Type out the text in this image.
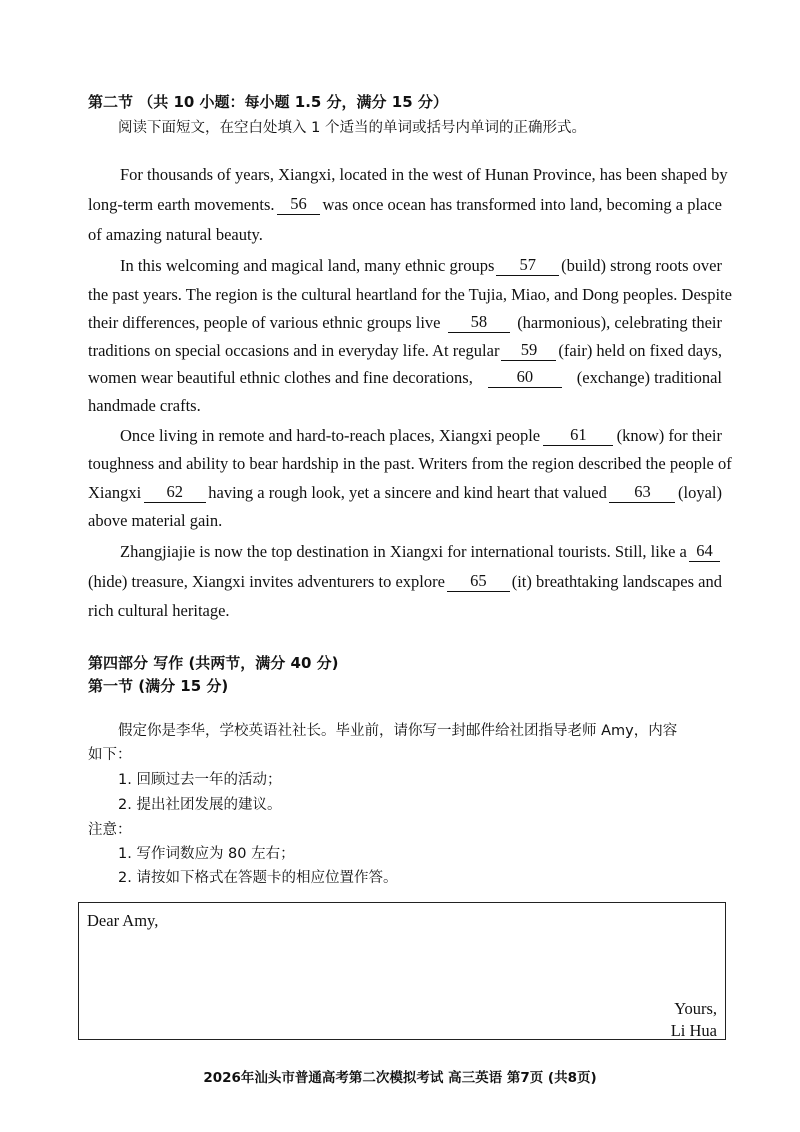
第二节 （共 10 小题：每小题 1.5 分，满分 15 分）
阅读下面短文，在空白处填入 1 个适当的单词或括号内单词的正确形式。
For thousands of years, Xiangxi, located in the west of Hunan Province, has been shaped by
long-term earth movements. 56 was once ocean has transformed into land, becoming a place
of amazing natural beauty.
In this welcoming and magical land, many ethnic groups	57	(build) strong roots over
the past years. The region is the cultural heartland for the Tujia, Miao, and Dong peoples. Despite
their differences, people of various ethnic groups live	58	(harmonious), celebrating their
traditions on special occasions and in everyday life. At regular	59	(fair) held on fixed days,
women wear beautiful ethnic clothes and fine decorations,	60	(exchange) traditional
handmade crafts.
Once living in remote and hard-to-reach places, Xiangxi people	61	(know) for their
toughness and ability to bear hardship in the past. Writers from the region described the people of
Xiangxi	62	having a rough look, yet a sincere and kind heart that valued	63	(loyal)
above material gain.
Zhangjiajie is now the top destination in Xiangxi for international tourists. Still, like a 64
(hide) treasure, Xiangxi invites adventurers to explore	65	(it) breathtaking landscapes and
rich cultural heritage.
第四部分 写作 (共两节，满分 40 分)
第一节 (满分 15 分)
假定你是李华，学校英语社社长。毕业前，请你写一封邮件给社团指导老师 Amy，内容
如下：
1. 回顾过去一年的活动；
2. 提出社团发展的建议。
注意：
1. 写作词数应为 80 左右；
2. 请按如下格式在答题卡的相应位置作答。
Dear Amy,
Yours,
Li Hua
2026年汕头市普通高考第二次模拟考试 高三英语 第7页 (共8页)
